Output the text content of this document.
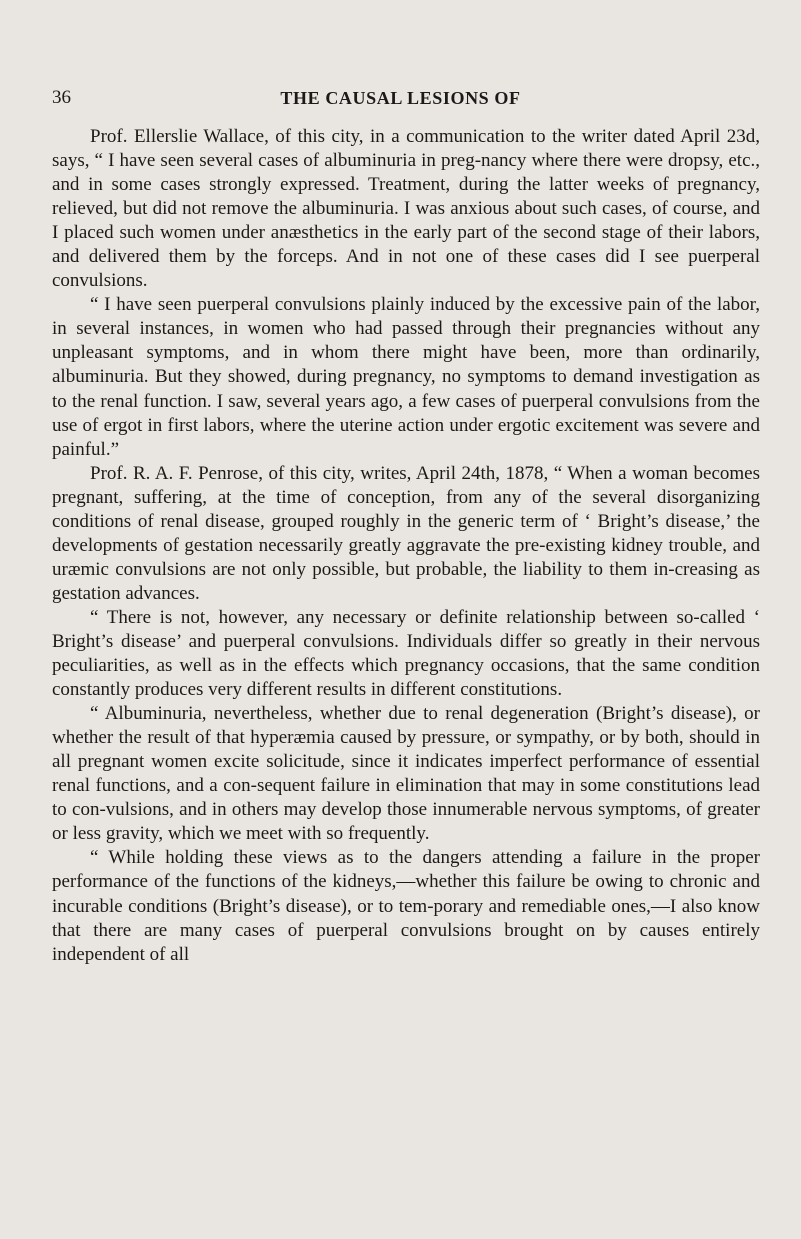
36	THE CAUSAL LESIONS OF

Prof. Ellerslie Wallace, of this city, in a communication to the writer dated April 23d, says, “ I have seen several cases of albuminuria in preg-nancy where there were dropsy, etc., and in some cases strongly expressed. Treatment, during the latter weeks of pregnancy, relieved, but did not remove the albuminuria. I was anxious about such cases, of course, and I placed such women under anæsthetics in the early part of the second stage of their labors, and delivered them by the forceps. And in not one of these cases did I see puerperal convulsions.

“ I have seen puerperal convulsions plainly induced by the excessive pain of the labor, in several instances, in women who had passed through their pregnancies without any unpleasant symptoms, and in whom there might have been, more than ordinarily, albuminuria. But they showed, during pregnancy, no symptoms to demand investigation as to the renal function. I saw, several years ago, a few cases of puerperal convulsions from the use of ergot in first labors, where the uterine action under ergotic excitement was severe and painful.”

Prof. R. A. F. Penrose, of this city, writes, April 24th, 1878, “ When a woman becomes pregnant, suffering, at the time of conception, from any of the several disorganizing conditions of renal disease, grouped roughly in the generic term of ‘ Bright’s disease,’ the developments of gestation necessarily greatly aggravate the pre-existing kidney trouble, and uræmic convulsions are not only possible, but probable, the liability to them in-creasing as gestation advances.

“ There is not, however, any necessary or definite relationship between so-called ‘ Bright’s disease’ and puerperal convulsions. Individuals differ so greatly in their nervous peculiarities, as well as in the effects which pregnancy occasions, that the same condition constantly produces very different results in different constitutions.

“ Albuminuria, nevertheless, whether due to renal degeneration (Bright’s disease), or whether the result of that hyperæmia caused by pressure, or sympathy, or by both, should in all pregnant women excite solicitude, since it indicates imperfect performance of essential renal functions, and a con-sequent failure in elimination that may in some constitutions lead to con-vulsions, and in others may develop those innumerable nervous symptoms, of greater or less gravity, which we meet with so frequently.

“ While holding these views as to the dangers attending a failure in the proper performance of the functions of the kidneys,—whether this failure be owing to chronic and incurable conditions (Bright’s disease), or to tem-porary and remediable ones,—I also know that there are many cases of puerperal convulsions brought on by causes entirely independent of all
